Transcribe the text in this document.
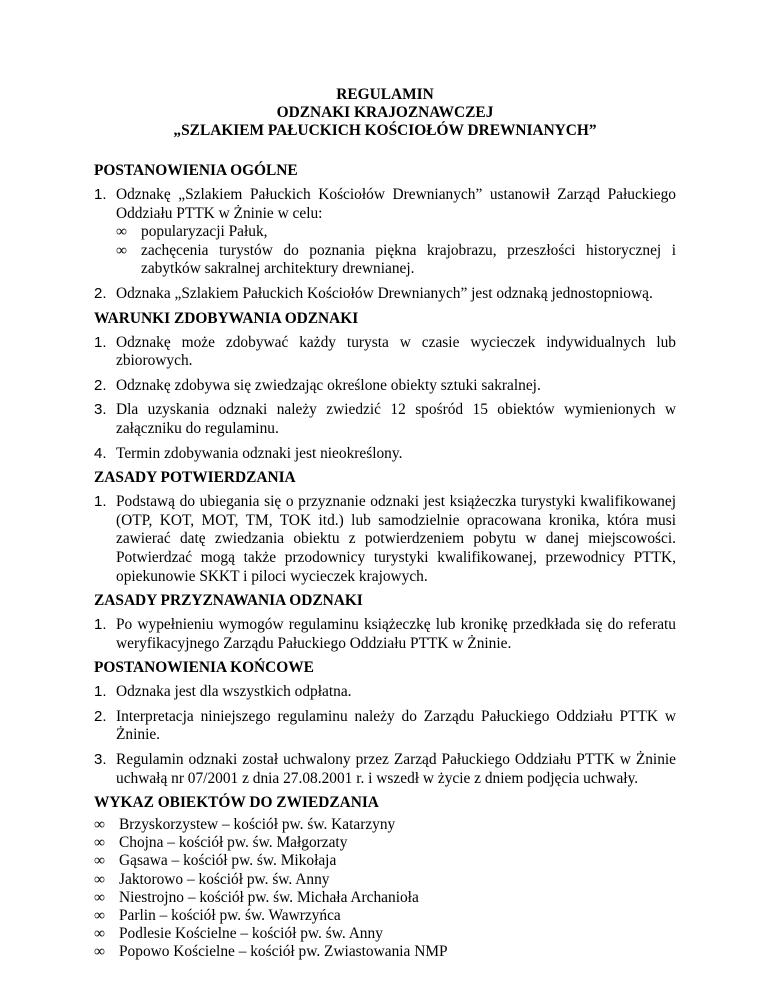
REGULAMIN
ODZNAKI KRAJOZNAWCZEJ
„SZLAKIEM PAŁUCKICH KOŚCIOŁÓW DREWNIANYCH”
POSTANOWIENIA OGÓLNE
1. Odznakę „Szlakiem Pałuckich Kościołów Drewnianych” ustanowił Zarząd Pałuckiego Oddziału PTTK w Żninie w celu:
∞ popularyzacji Pałuk,
∞ zachęcenia turystów do poznania piękna krajobrazu, przeszłości historycznej i zabytków sakralnej architektury drewnianej.
2. Odznaka „Szlakiem Pałuckich Kościołów Drewnianych” jest odznaką jednostopniową.
WARUNKI ZDOBYWANIA ODZNAKI
1. Odznakę może zdobywać każdy turysta w czasie wycieczek indywidualnych lub zbiorowych.
2. Odznakę zdobywa się zwiedzając określone obiekty sztuki sakralnej.
3. Dla uzyskania odznaki należy zwiedzić 12 spośród 15 obiektów wymienionych w załączniku do regulaminu.
4. Termin zdobywania odznaki jest nieokreślony.
ZASADY POTWIERDZANIA
1. Podstawą do ubiegania się o przyznanie odznaki jest książeczka turystyki kwalifikowanej (OTP, KOT, MOT, TM, TOK itd.) lub samodzielnie opracowana kronika, która musi zawierać datę zwiedzania obiektu z potwierdzeniem pobytu w danej miejscowości. Potwierdzać mogą także przodownicy turystyki kwalifikowanej, przewodnicy PTTK, opiekunowie SKKT i piloci wycieczek krajowych.
ZASADY PRZYZNAWANIA ODZNAKI
1. Po wypełnieniu wymogów regulaminu książeczkę lub kronikę przedkłada się do referatu weryfikacyjnego Zarządu Pałuckiego Oddziału PTTK w Żninie.
POSTANOWIENIA KOŃCOWE
1. Odznaka jest dla wszystkich odpłatna.
2. Interpretacja niniejszego regulaminu należy do Zarządu Pałuckiego Oddziału PTTK w Żninie.
3. Regulamin odznaki został uchwalony przez Zarząd Pałuckiego Oddziału PTTK w Żninie uchwałą nr 07/2001 z dnia 27.08.2001 r. i wszedł w życie z dniem podjęcia uchwały.
WYKAZ OBIEKTÓW DO ZWIEDZANIA
∞ Brzyskorzystew – kościół pw. św. Katarzyny
∞ Chojna – kościół pw. św. Małgorzaty
∞ Gąsawa – kościół pw. św. Mikołaja
∞ Jaktorowo – kościół pw. św. Anny
∞ Niestrojno – kościół pw. św. Michała Archanioła
∞ Parlin – kościół pw. św. Wawrzyńca
∞ Podlesie Kościelne – kościół pw. św. Anny
∞ Popowo Kościelne – kościół pw. Zwiastowania NMP
